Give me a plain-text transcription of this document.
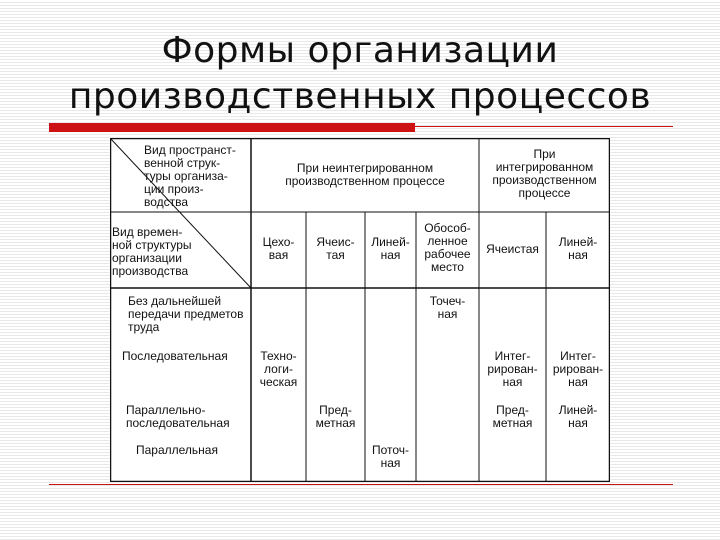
Формы организации
производственных процессов
Вид пространст-
венной струк-
туры организа-
ции произ-
водства
Вид времен-
ной структуры
организации
производства
При неинтегрированном
производственном процессе
При
интегрированном
производственном
процессе
Цехо-
вая
Ячеис-
тая
Линей-
ная
Обособ-
ленное
рабочее
место
Ячеистая	Линей-
ная
Без дальнейшей
передачи предметов
труда
Последовательная
Параллельно-
последовательная
Параллельная
Точеч-
ная
Техно-
логи-
ческая
Интег-
рирован-
ная
Интег-
рирован-
ная
Пред-
метная
Пред-
метная
Линей-
ная
Поточ-
ная
